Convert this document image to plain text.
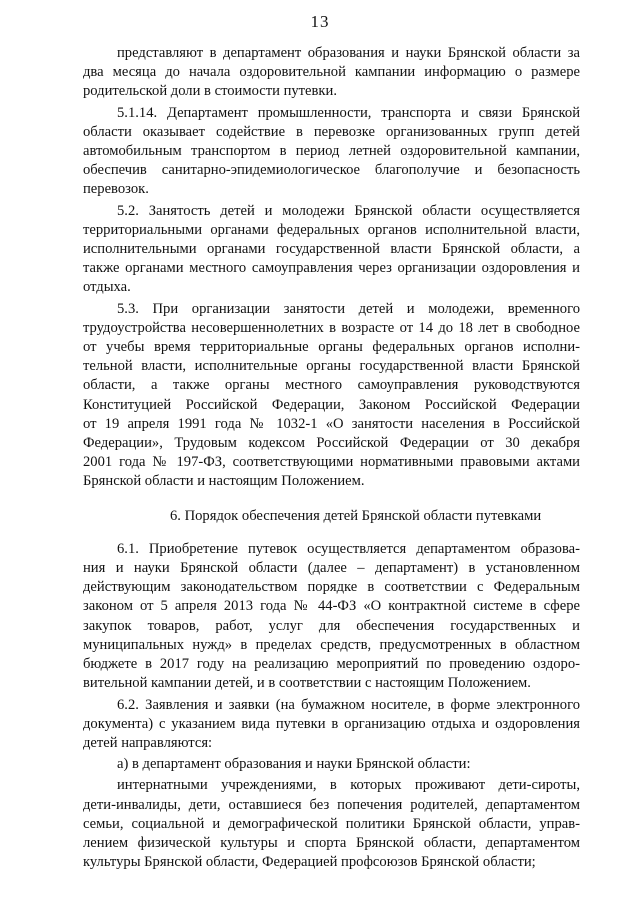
13
представляют в департамент образования и науки Брянской области за
два месяца до начала оздоровительной кампании информацию о размере
родительской доли в стоимости путевки.
5.1.14. Департамент промышленности, транспорта и связи Брянской
области оказывает содействие в перевозке организованных групп детей
автомобильным транспортом в период летней оздоровительной кампании,
обеспечив санитарно-эпидемиологическое благополучие и безопасность
перевозок.
5.2. Занятость детей и молодежи Брянской области осуществляется
территориальными органами федеральных органов исполнительной власти,
исполнительными органами государственной власти Брянской области, а
также органами местного самоуправления через организации оздоровления и
отдыха.
5.3. При организации занятости детей и молодежи, временного
трудоустройства несовершеннолетних в возрасте от 14 до 18 лет в свободное
от учебы время территориальные органы федеральных органов исполни-
тельной власти, исполнительные органы государственной власти Брянской
области, а также органы местного самоуправления руководствуются
Конституцией Российской Федерации, Законом Российской Федерации
от 19 апреля 1991 года № 1032-1 «О занятости населения в Российской
Федерации», Трудовым кодексом Российской Федерации от 30 декабря
2001 года № 197-ФЗ, соответствующими нормативными правовыми актами
Брянской области и настоящим Положением.
6. Порядок обеспечения детей Брянской области путевками
6.1. Приобретение путевок осуществляется департаментом образова-
ния и науки Брянской области (далее – департамент) в установленном
действующим законодательством порядке в соответствии с Федеральным
законом от 5 апреля 2013 года № 44-ФЗ «О контрактной системе в сфере
закупок товаров, работ, услуг для обеспечения государственных и
муниципальных нужд» в пределах средств, предусмотренных в областном
бюджете в 2017 году на реализацию мероприятий по проведению оздоро-
вительной кампании детей, и в соответствии с настоящим Положением.
6.2. Заявления и заявки (на бумажном носителе, в форме электронного
документа) с указанием вида путевки в организацию отдыха и оздоровления
детей направляются:
а) в департамент образования и науки Брянской области:
интернатными учреждениями, в которых проживают дети-сироты,
дети-инвалиды, дети, оставшиеся без попечения родителей, департаментом
семьи, социальной и демографической политики Брянской области, управ-
лением физической культуры и спорта Брянской области, департаментом
культуры Брянской области, Федерацией профсоюзов Брянской области;
